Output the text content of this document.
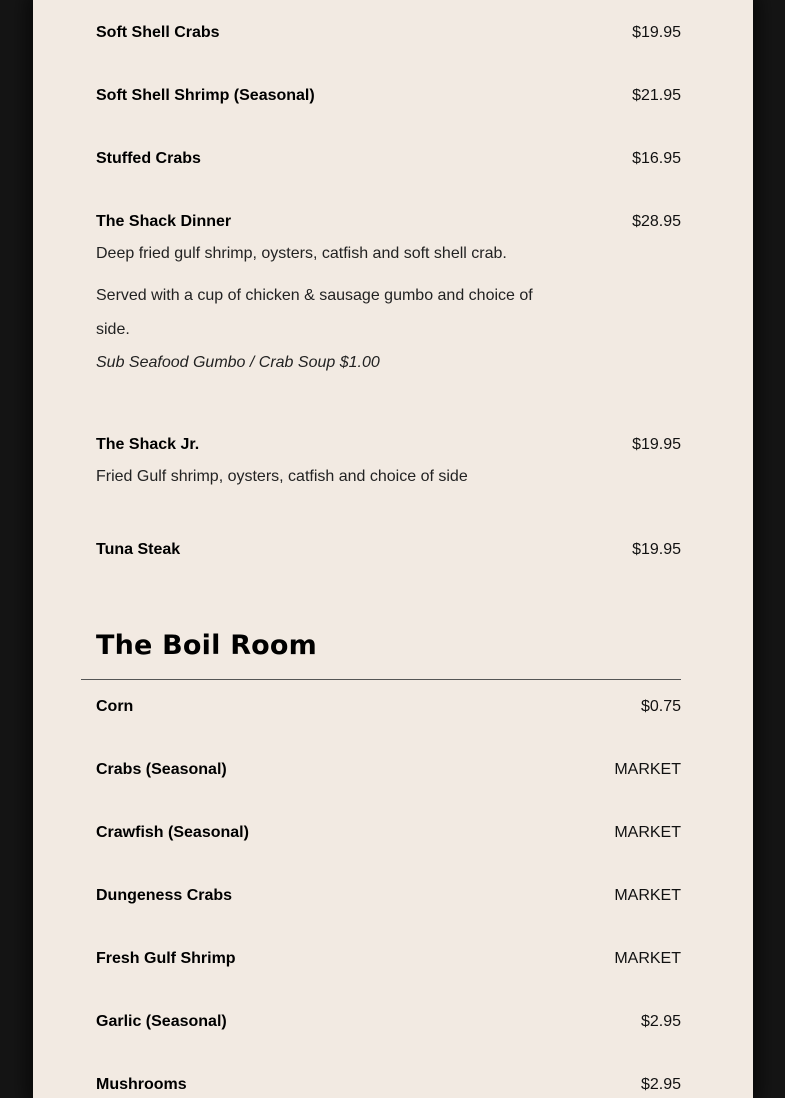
Soft Shell Crabs	$19.95
Soft Shell Shrimp (Seasonal)	$21.95
Stuffed Crabs	$16.95
The Shack Dinner	$28.95

Deep fried gulf shrimp, oysters, catfish and soft shell crab.

Served with a cup of chicken & sausage gumbo and choice of side.

Sub Seafood Gumbo / Crab Soup $1.00
The Shack Jr.	$19.95

Fried Gulf shrimp, oysters, catfish and choice of side

Tuna Steak	$19.95
The Boil Room
Corn	$0.75
Crabs (Seasonal)	MARKET
Crawfish (Seasonal)	MARKET
Dungeness Crabs	MARKET
Fresh Gulf Shrimp	MARKET
Garlic (Seasonal)	$2.95
Mushrooms	$2.95
